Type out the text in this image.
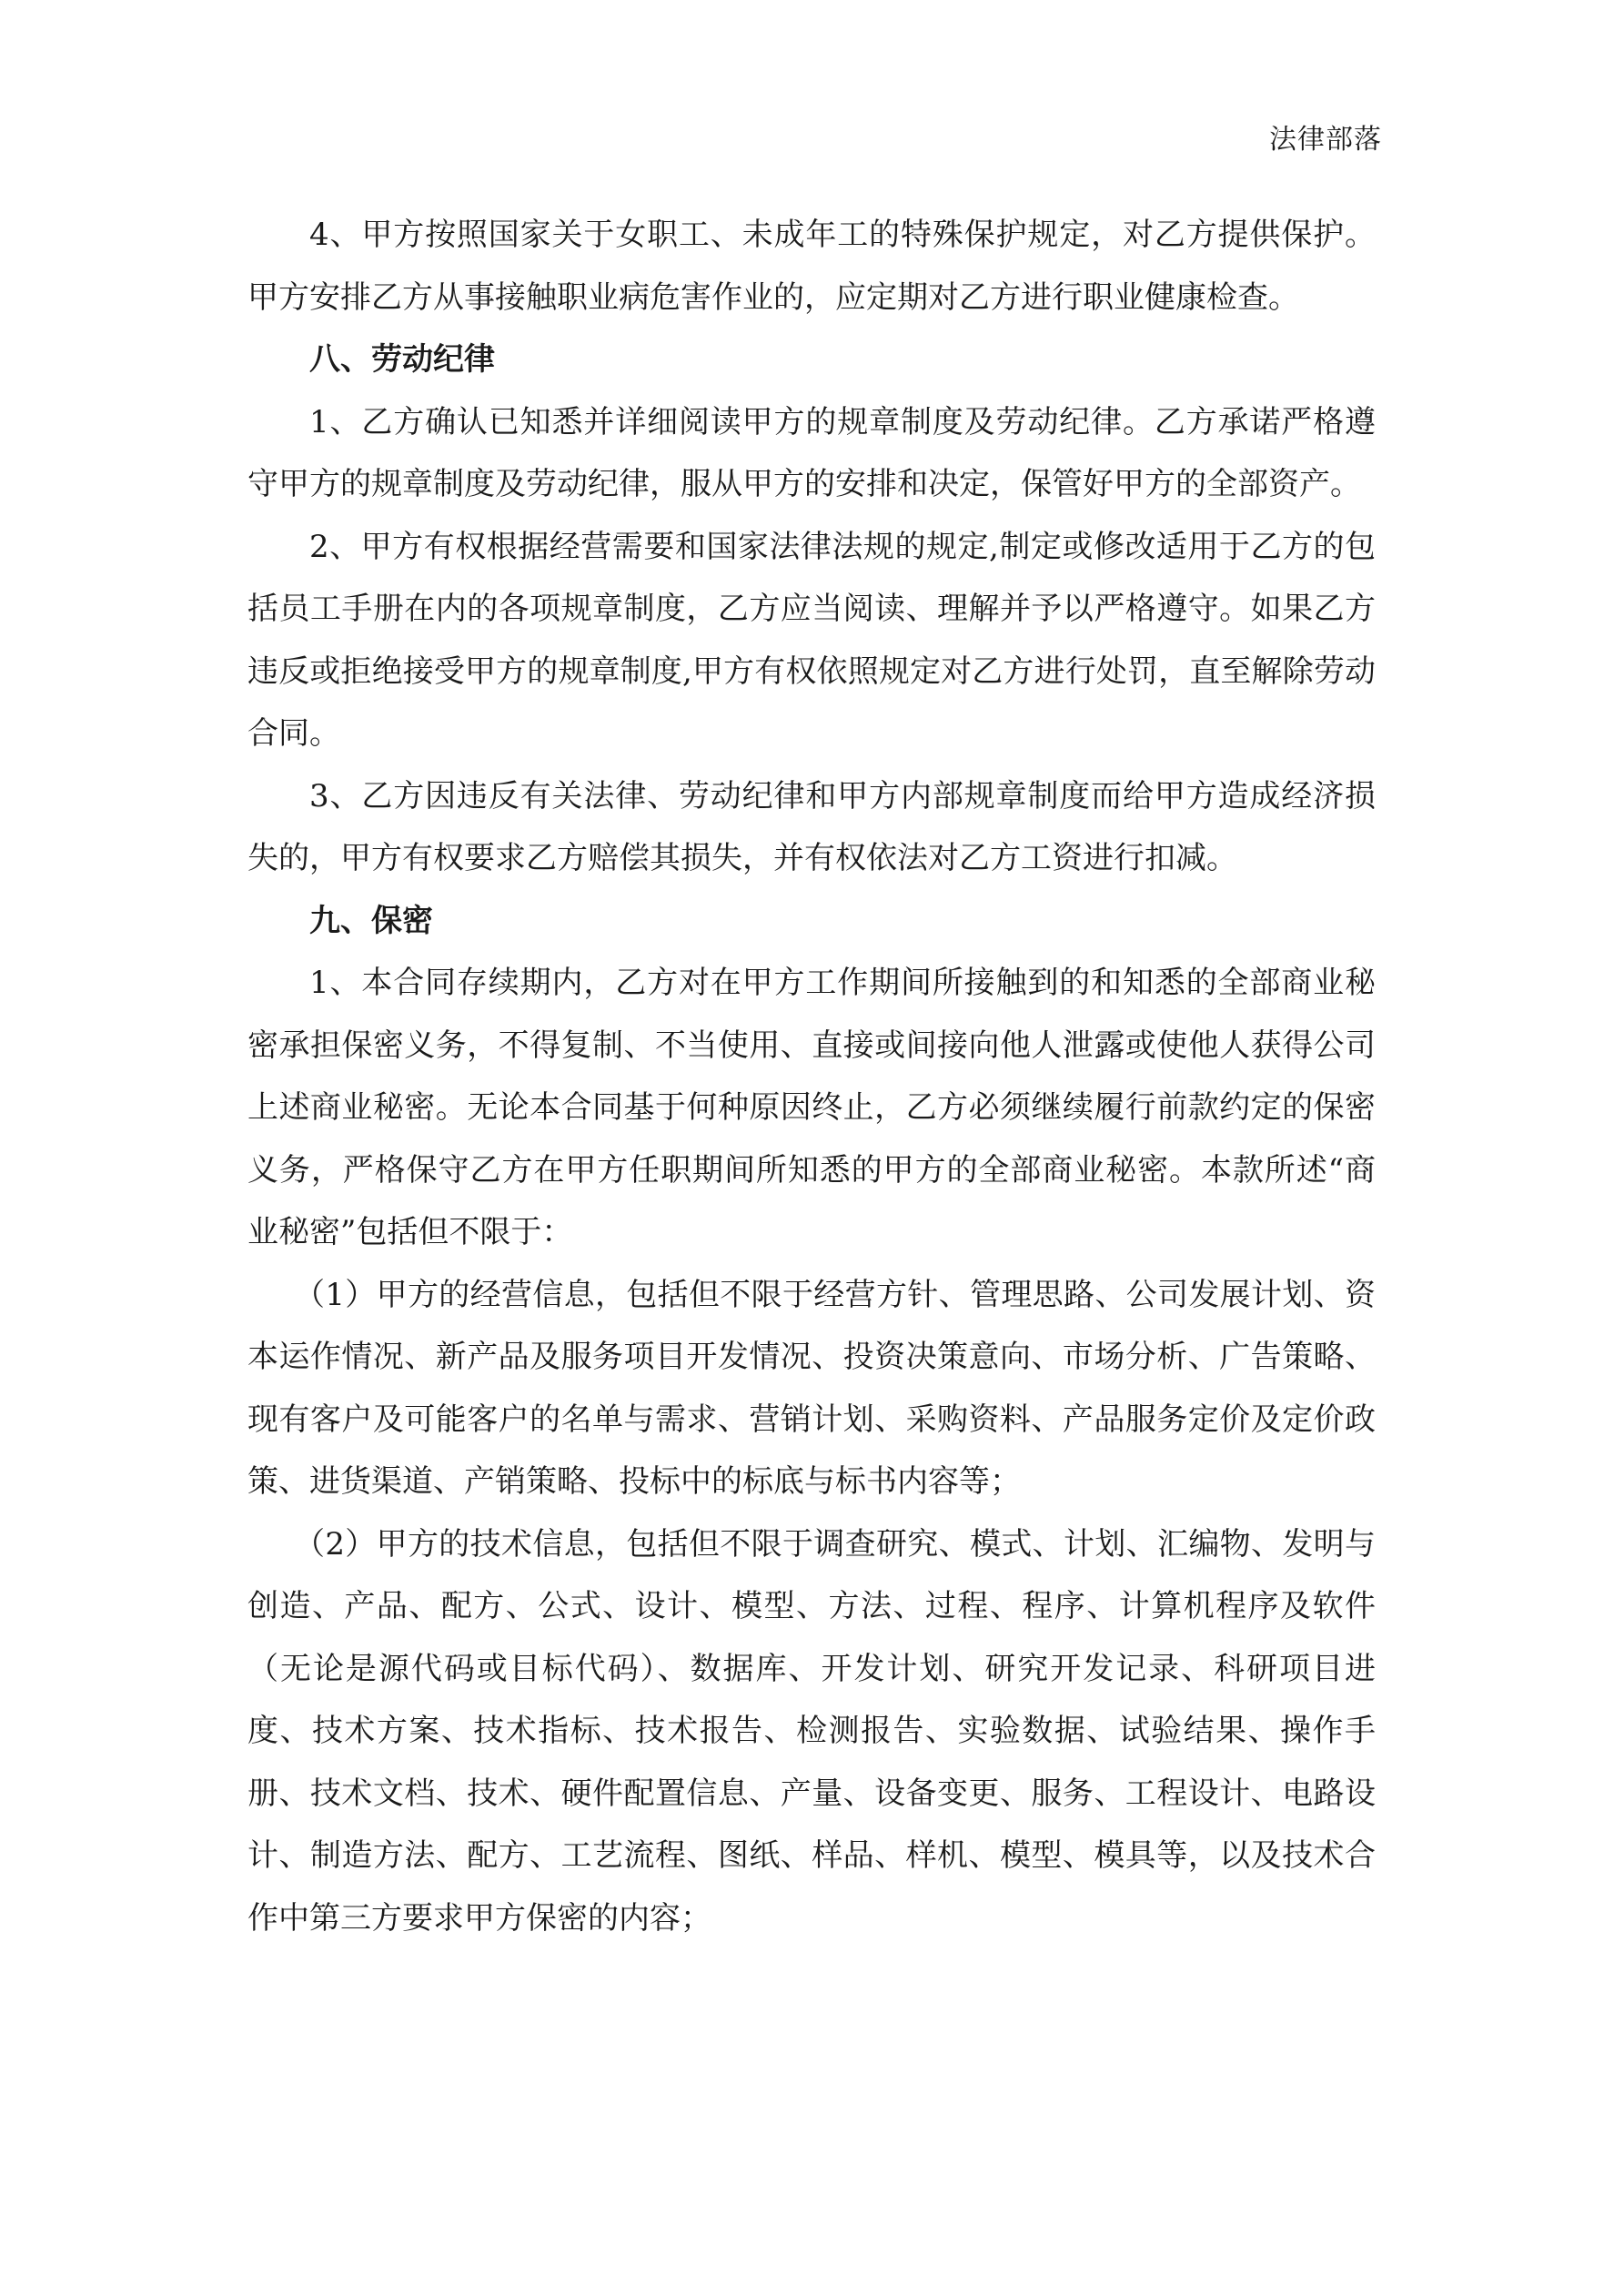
法律部落

4、甲方按照国家关于女职工、未成年工的特殊保护规定，对乙方提供保护。甲方安排乙方从事接触职业病危害作业的，应定期对乙方进行职业健康检查。

八、劳动纪律

1、乙方确认已知悉并详细阅读甲方的规章制度及劳动纪律。乙方承诺严格遵守甲方的规章制度及劳动纪律，服从甲方的安排和决定，保管好甲方的全部资产。

2、甲方有权根据经营需要和国家法律法规的规定,制定或修改适用于乙方的包括员工手册在内的各项规章制度，乙方应当阅读、理解并予以严格遵守。如果乙方违反或拒绝接受甲方的规章制度,甲方有权依照规定对乙方进行处罚，直至解除劳动合同。

3、乙方因违反有关法律、劳动纪律和甲方内部规章制度而给甲方造成经济损失的，甲方有权要求乙方赔偿其损失，并有权依法对乙方工资进行扣减。

九、保密

1、本合同存续期内，乙方对在甲方工作期间所接触到的和知悉的全部商业秘密承担保密义务，不得复制、不当使用、直接或间接向他人泄露或使他人获得公司上述商业秘密。无论本合同基于何种原因终止，乙方必须继续履行前款约定的保密义务，严格保守乙方在甲方任职期间所知悉的甲方的全部商业秘密。本款所述“商业秘密”包括但不限于：

（1）甲方的经营信息，包括但不限于经营方针、管理思路、公司发展计划、资本运作情况、新产品及服务项目开发情况、投资决策意向、市场分析、广告策略、现有客户及可能客户的名单与需求、营销计划、采购资料、产品服务定价及定价政策、进货渠道、产销策略、投标中的标底与标书内容等；

（2）甲方的技术信息，包括但不限于调查研究、模式、计划、汇编物、发明与创造、产品、配方、公式、设计、模型、方法、过程、程序、计算机程序及软件（无论是源代码或目标代码）、数据库、开发计划、研究开发记录、科研项目进度、技术方案、技术指标、技术报告、检测报告、实验数据、试验结果、操作手册、技术文档、技术、硬件配置信息、产量、设备变更、服务、工程设计、电路设计、制造方法、配方、工艺流程、图纸、样品、样机、模型、模具等，以及技术合作中第三方要求甲方保密的内容；
